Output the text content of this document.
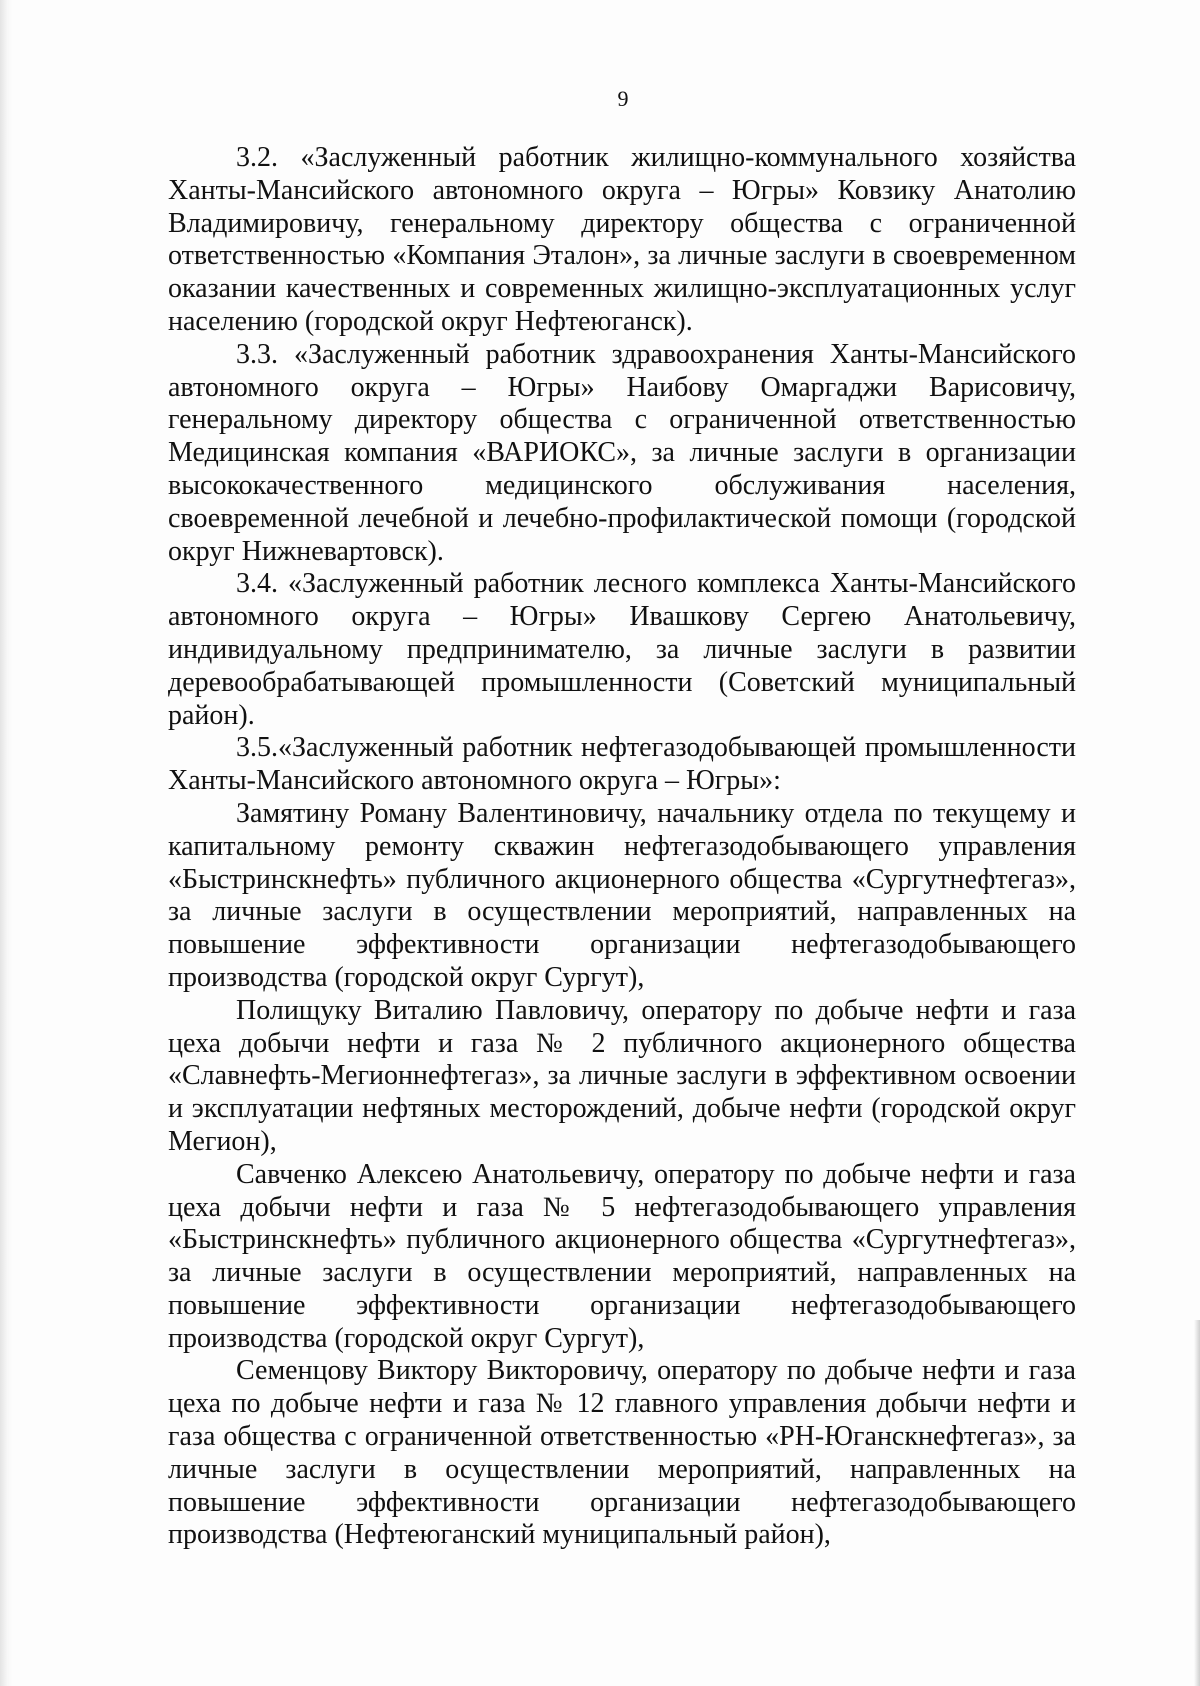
9

3.2. «Заслуженный работник жилищно-коммунального хозяйства Ханты-Мансийского автономного округа – Югры» Ковзику Анатолию Владимировичу, генеральному директору общества с ограниченной ответственностью «Компания Эталон», за личные заслуги в своевременном оказании качественных и современных жилищно-эксплуатационных услуг населению (городской округ Нефтеюганск).

3.3. «Заслуженный работник здравоохранения Ханты-Мансийского автономного округа – Югры» Наибову Омаргаджи Варисовичу, генеральному директору общества с ограниченной ответственностью Медицинская компания «ВАРИОКС», за личные заслуги в организации высококачественного медицинского обслуживания населения, своевременной лечебной и лечебно-профилактической помощи (городской округ Нижневартовск).

3.4. «Заслуженный работник лесного комплекса Ханты-Мансийского автономного округа – Югры» Ивашкову Сергею Анатольевичу, индивидуальному предпринимателю, за личные заслуги в развитии деревообрабатывающей промышленности (Советский муниципальный район).

3.5.«Заслуженный работник нефтегазодобывающей промышленности Ханты-Мансийского автономного округа – Югры»:

Замятину Роману Валентиновичу, начальнику отдела по текущему и капитальному ремонту скважин нефтегазодобывающего управления «Быстринскнефть» публичного акционерного общества «Сургутнефтегаз», за личные заслуги в осуществлении мероприятий, направленных на повышение эффективности организации нефтегазодобывающего производства (городской округ Сургут),

Полищуку Виталию Павловичу, оператору по добыче нефти и газа цеха добычи нефти и газа № 2 публичного акционерного общества «Славнефть-Мегионнефтегаз», за личные заслуги в эффективном освоении и эксплуатации нефтяных месторождений, добыче нефти (городской округ Мегион),

Савченко Алексею Анатольевичу, оператору по добыче нефти и газа цеха добычи нефти и газа № 5 нефтегазодобывающего управления «Быстринскнефть» публичного акционерного общества «Сургутнефтегаз», за личные заслуги в осуществлении мероприятий, направленных на повышение эффективности организации нефтегазодобывающего производства (городской округ Сургут),

Семенцову Виктору Викторовичу, оператору по добыче нефти и газа цеха по добыче нефти и газа № 12 главного управления добычи нефти и газа общества с ограниченной ответственностью «РН-Юганскнефтегаз», за личные заслуги в осуществлении мероприятий, направленных на повышение эффективности организации нефтегазодобывающего производства (Нефтеюганский муниципальный район),
